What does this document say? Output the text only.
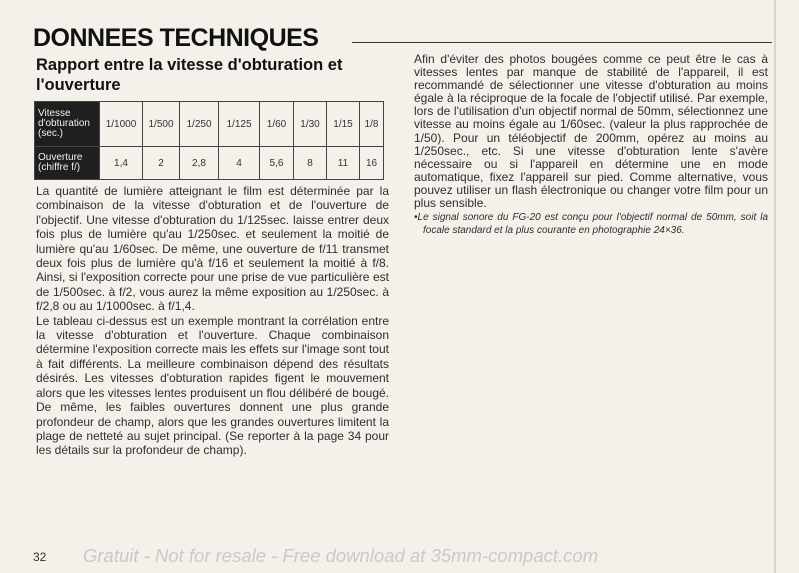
DONNEES TECHNIQUES
Rapport entre la vitesse d'obturation et l'ouverture
Vitesse
d'obturation
(sec.)	1/1000	1/500	1/250	1/125	1/60	1/30	1/15	1/8

Ouverture
(chiffre f/)	1,4	2	2,8	4	5,6	8	11	16

La quantité de lumière atteignant le film est déterminée par la combinaison de la vitesse d'obturation et de l'ouverture de l'objectif. Une vitesse d'obturation du 1/125sec. laisse entrer deux fois plus de lumière qu'au 1/250sec. et seulement la moitié de lumière qu'au 1/60sec. De même, une ouverture de f/11 transmet deux fois plus de lumière qu'à f/16 et seulement la moitié à f/8. Ainsi, si l'exposition correcte pour une prise de vue particulière est de 1/500sec. à f/2, vous aurez la même exposition au 1/250sec. à f/2,8 ou au 1/1000sec. à f/1,4.

Le tableau ci-dessus est un exemple montrant la corrélation entre la vitesse d'obturation et l'ouverture. Chaque combinaison détermine l'exposition correcte mais les effets sur l'image sont tout à fait différents. La meilleure combinaison dépend des résultats désirés. Les vitesses d'obturation rapides figent le mouvement alors que les vitesses lentes produisent un flou délibéré de bougé. De même, les faibles ouvertures donnent une plus grande profondeur de champ, alors que les grandes ouvertures limitent la plage de netteté au sujet principal. (Se reporter à la page 34 pour les détails sur la profondeur de champ).

Afin d'éviter des photos bougées comme ce peut être le cas à vitesses lentes par manque de stabilité de l'appareil, il est recommandé de sélectionner une vitesse d'obturation au moins égale à la réciproque de la focale de l'objectif utilisé. Par exemple, lors de l'utilisation d'un objectif normal de 50mm, sélectionnez une vitesse au moins égale au 1/60sec. (valeur la plus rapprochée de 1/50). Pour un téléobjectif de 200mm, opérez au moins au 1/250sec., etc. Si une vitesse d'obturation lente s'avère nécessaire ou si l'appareil en détermine une en mode automatique, fixez l'appareil sur pied. Comme alternative, vous pouvez utiliser un flash électronique ou changer votre film pour un plus sensible.

•Le signal sonore du FG-20 est conçu pour l'objectif normal de 50mm, soit la focale standard et la plus courante en photographie 24×36.

32 Gratuit - Not for resale - Free download at 35mm-compact.com
